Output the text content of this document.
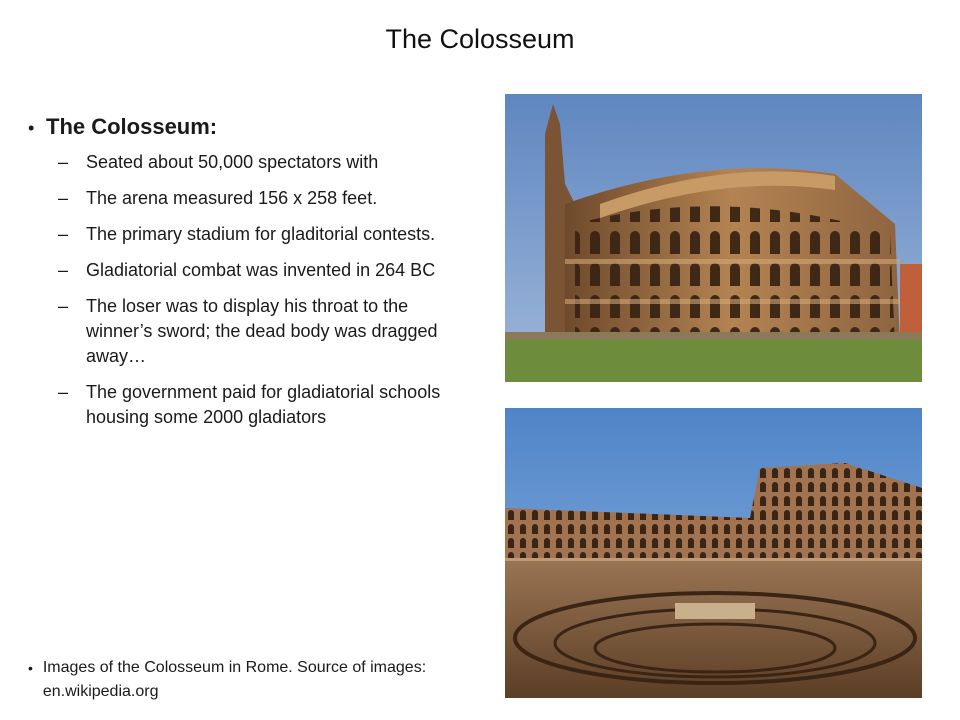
The Colosseum
• The Colosseum:
– Seated about 50,000 spectators with
– The arena measured 156 x 258 feet.
– The primary stadium for gladitorial contests.
– Gladiatorial combat was invented in 264 BC
– The loser was to display his throat to the winner’s sword; the dead body was dragged away…
– The government paid for gladiatorial schools housing some 2000 gladiators
• Images of the Colosseum in Rome. Source of images: en.wikipedia.org
